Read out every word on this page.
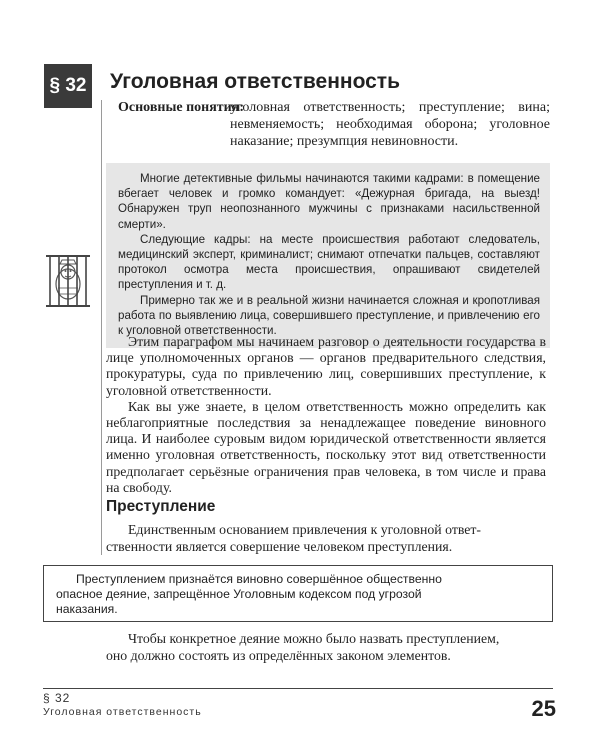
§ 32 Уголовная ответственность
Основные понятия:
уголовная ответственность; преступление; вина; невменяемость; необходимая оборона; уголовное наказание; презумпция невиновности.

Многие детективные фильмы начинаются такими кадрами: в помещение вбегает человек и громко командует: «Дежурная бригада, на выезд! Обнаружен труп неопознанного мужчины с признаками насильственной смерти».

Следующие кадры: на месте происшествия работают следователь, медицинский эксперт, криминалист; снимают отпечатки пальцев, составляют протокол осмотра места происшествия, опрашивают свидетелей преступления и т. д.

Примерно так же и в реальной жизни начинается сложная и кропотливая работа по выявлению лица, совершившего преступление, и привлечению его к уголовной ответственности.

Этим параграфом мы начинаем разговор о деятельности государства в лице уполномоченных органов — органов предварительного следствия, прокуратуры, суда по привлечению лиц, совершивших преступление, к уголовной ответственности.

Как вы уже знаете, в целом ответственность можно определить как неблагоприятные последствия за ненадлежащее поведение виновного лица. И наиболее суровым видом юридической ответственности является именно уголовная ответственность, поскольку этот вид ответственности предполагает серьёзные ограничения прав человека, в том числе и права на свободу.

Преступление
Единственным основанием привлечения к уголовной ответ-
ственности является совершение человеком преступления.
Преступлением признаётся виновно совершённое общественно
опасное деяние, запрещённое Уголовным кодексом под угрозой
наказания.
Чтобы конкретное деяние можно было назвать преступлением,
оно должно состоять из определённых законом элементов.
§ 32
Уголовная ответственность	25
